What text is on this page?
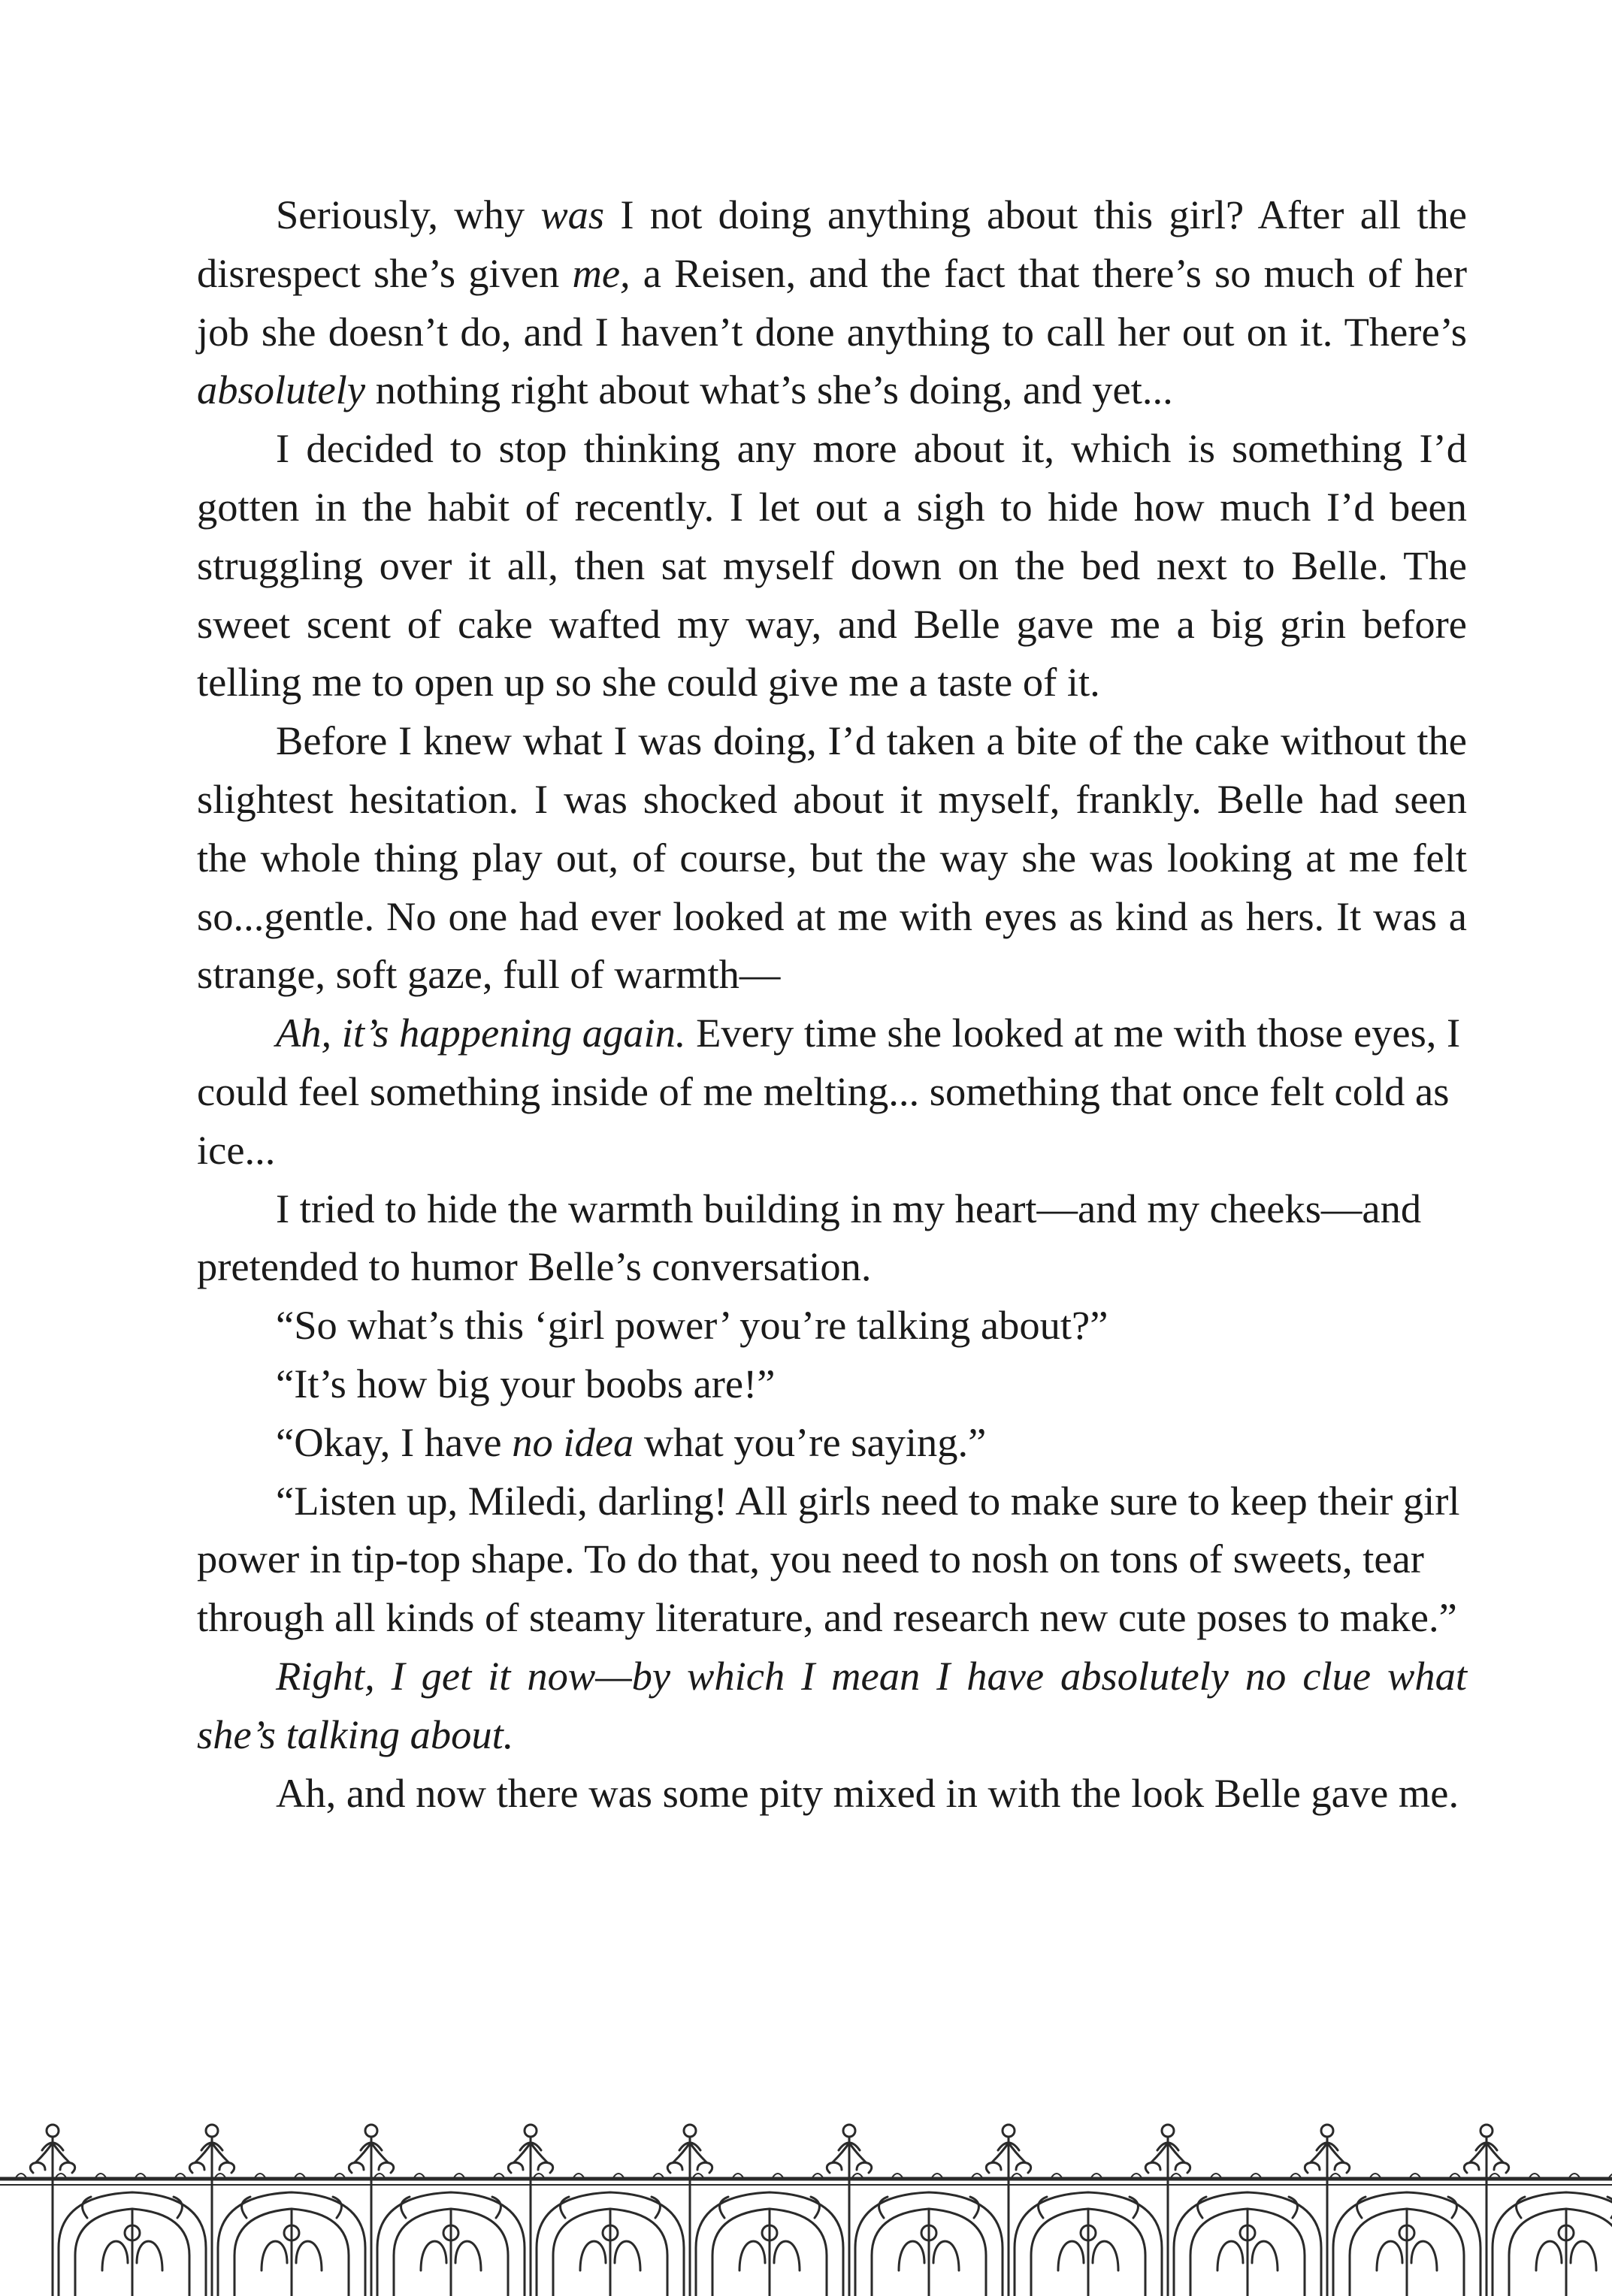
Seriously, why was I not doing anything about this girl? After all the disrespect she’s given me, a Reisen, and the fact that there’s so much of her job she doesn’t do, and I haven’t done anything to call her out on it. There’s absolutely nothing right about what’s she’s doing, and yet...

I decided to stop thinking any more about it, which is something I’d gotten in the habit of recently. I let out a sigh to hide how much I’d been struggling over it all, then sat myself down on the bed next to Belle. The sweet scent of cake wafted my way, and Belle gave me a big grin before telling me to open up so she could give me a taste of it.

Before I knew what I was doing, I’d taken a bite of the cake without the slightest hesitation. I was shocked about it myself, frankly. Belle had seen the whole thing play out, of course, but the way she was looking at me felt so...gentle. No one had ever looked at me with eyes as kind as hers. It was a strange, soft gaze, full of warmth—

Ah, it’s happening again. Every time she looked at me with those eyes, I could feel something inside of me melting... something that once felt cold as ice...

I tried to hide the warmth building in my heart—and my cheeks—and pretended to humor Belle’s conversation.

“So what’s this ‘girl power’ you’re talking about?”

“It’s how big your boobs are!”

“Okay, I have no idea what you’re saying.”

“Listen up, Miledi, darling! All girls need to make sure to keep their girl power in tip-top shape. To do that, you need to nosh on tons of sweets, tear through all kinds of steamy literature, and research new cute poses to make.”

Right, I get it now—by which I mean I have absolutely no clue what she’s talking about.

Ah, and now there was some pity mixed in with the look Belle gave me.
